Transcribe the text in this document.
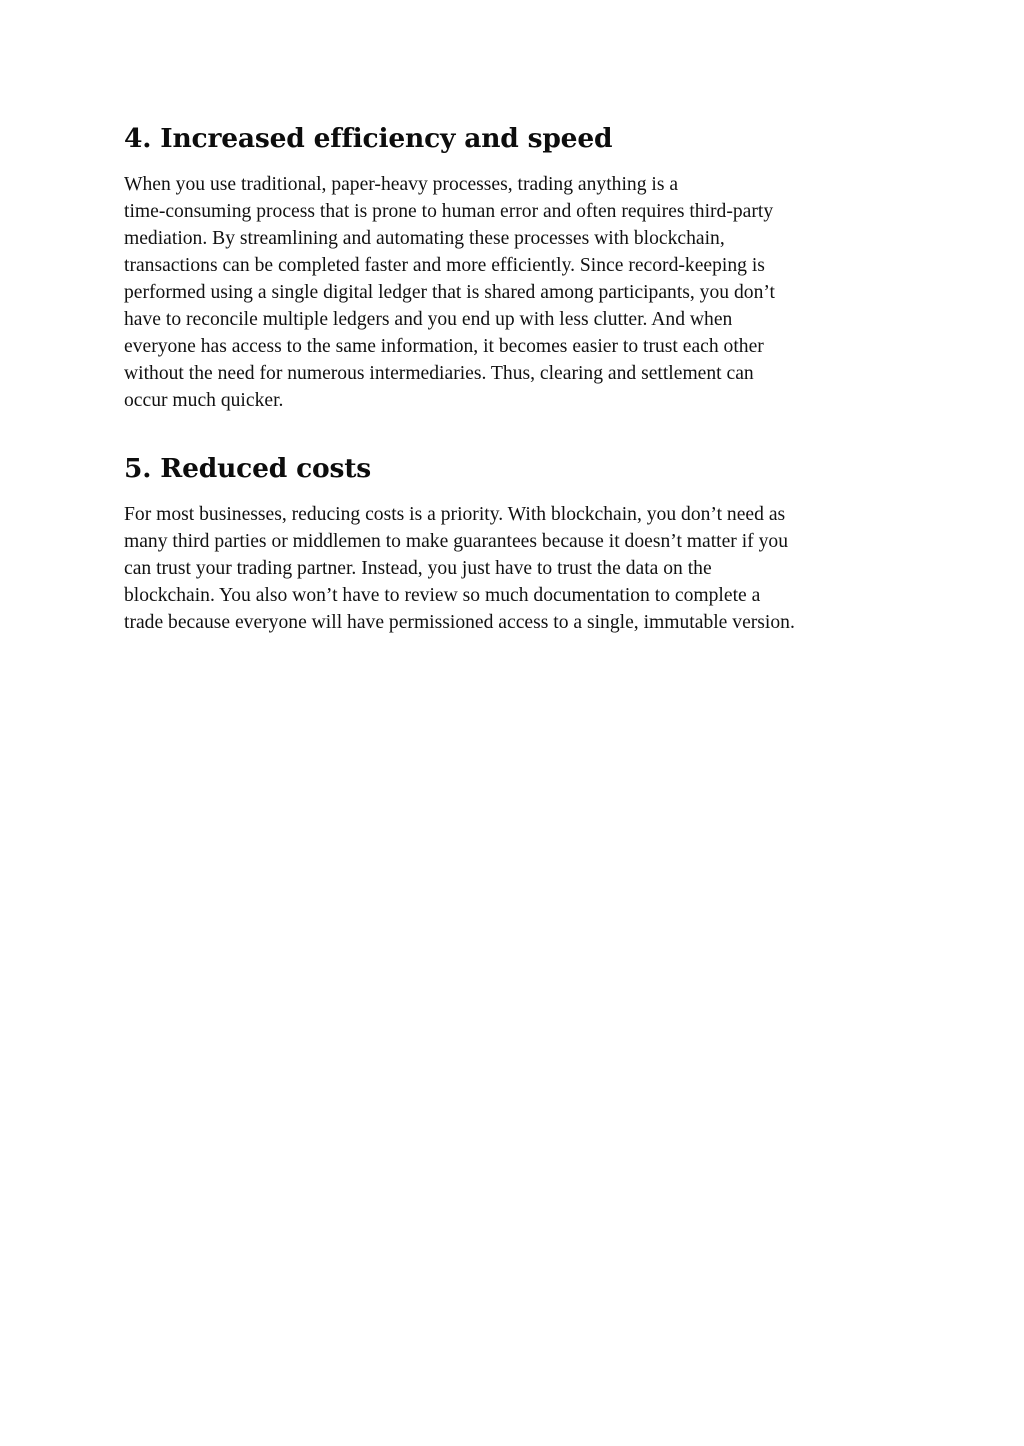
4. Increased efficiency and speed

When you use traditional, paper-heavy processes, trading anything is a
time-consuming process that is prone to human error and often requires third-party
mediation. By streamlining and automating these processes with blockchain,
transactions can be completed faster and more efficiently. Since record-keeping is
performed using a single digital ledger that is shared among participants, you don’t
have to reconcile multiple ledgers and you end up with less clutter. And when
everyone has access to the same information, it becomes easier to trust each other
without the need for numerous intermediaries. Thus, clearing and settlement can
occur much quicker.

5. Reduced costs

For most businesses, reducing costs is a priority. With blockchain, you don’t need as
many third parties or middlemen to make guarantees because it doesn’t matter if you
can trust your trading partner. Instead, you just have to trust the data on the
blockchain. You also won’t have to review so much documentation to complete a
trade because everyone will have permissioned access to a single, immutable version.
